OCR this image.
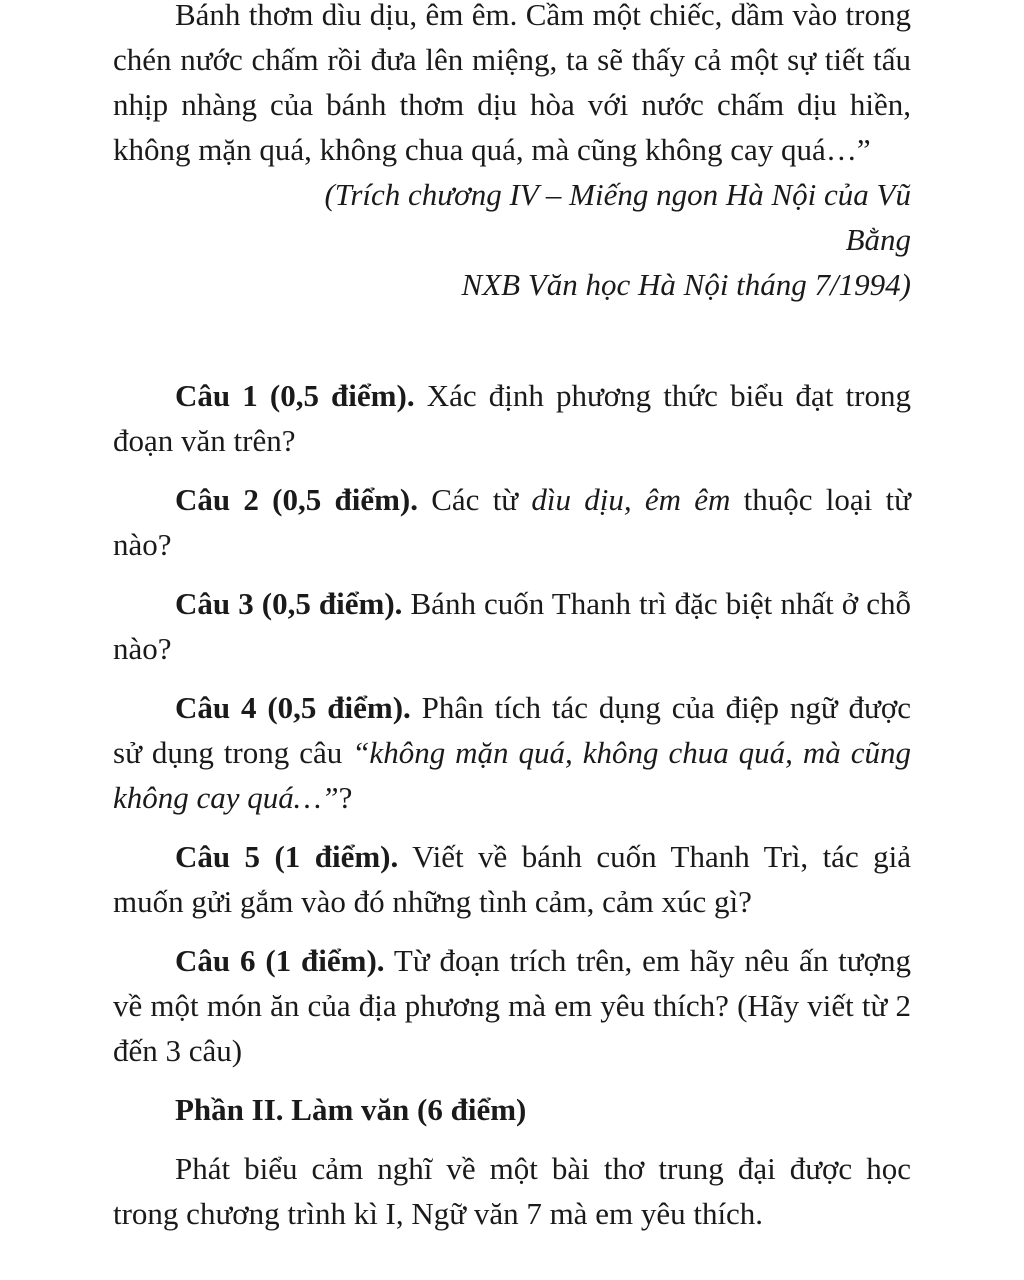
Bánh thơm dìu dịu, êm êm. Cầm một chiếc, dầm vào trong chén nước chấm rồi đưa lên miệng, ta sẽ thấy cả một sự tiết tấu nhịp nhàng của bánh thơm dịu hòa với nước chấm dịu hiền, không mặn quá, không chua quá, mà cũng không cay quá…”

(Trích chương IV – Miếng ngon Hà Nội của Vũ
Bằng
NXB Văn học Hà Nội tháng 7/1994)

Câu 1 (0,5 điểm). Xác định phương thức biểu đạt trong đoạn văn trên?

Câu 2 (0,5 điểm). Các từ dìu dịu, êm êm thuộc loại từ nào?

Câu 3 (0,5 điểm). Bánh cuốn Thanh trì đặc biệt nhất ở chỗ nào?

Câu 4 (0,5 điểm). Phân tích tác dụng của điệp ngữ được sử dụng trong câu “không mặn quá, không chua quá, mà cũng không cay quá…”?

Câu 5 (1 điểm). Viết về bánh cuốn Thanh Trì, tác giả muốn gửi gắm vào đó những tình cảm, cảm xúc gì?

Câu 6 (1 điểm). Từ đoạn trích trên, em hãy nêu ấn tượng về một món ăn của địa phương mà em yêu thích? (Hãy viết từ 2 đến 3 câu)

Phần II. Làm văn (6 điểm)

Phát biểu cảm nghĩ về một bài thơ trung đại được học trong chương trình kì I, Ngữ văn 7 mà em yêu thích.
